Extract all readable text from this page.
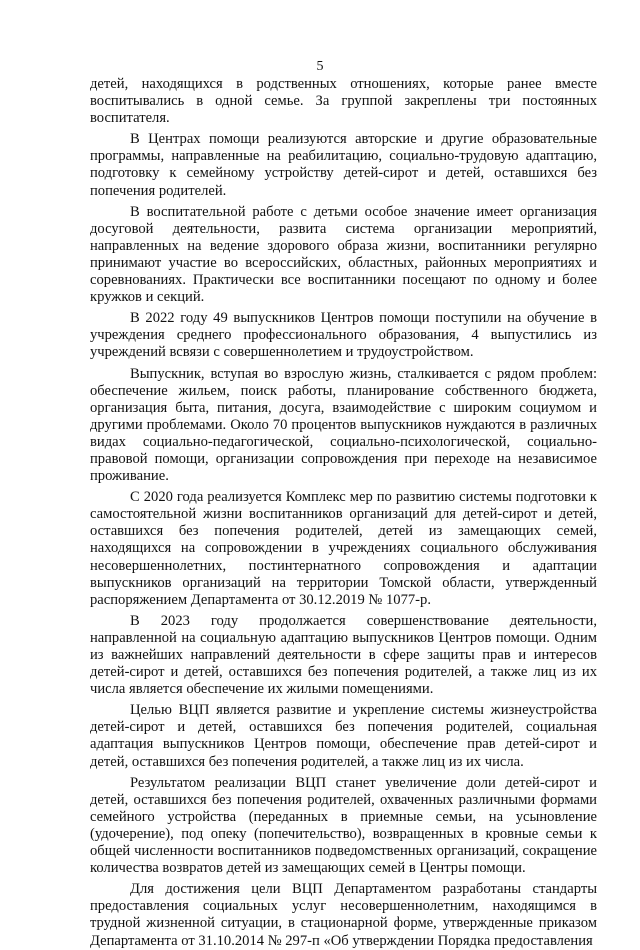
5

детей, находящихся в родственных отношениях, которые ранее вместе воспитывались в одной семье. За группой закреплены три постоянных воспитателя.

В Центрах помощи реализуются авторские и другие образовательные программы, направленные на реабилитацию, социально-трудовую адаптацию, подготовку к семейному устройству детей-сирот и детей, оставшихся без попечения родителей.

В воспитательной работе с детьми особое значение имеет организация досуговой деятельности, развита система организации мероприятий, направленных на ведение здорового образа жизни, воспитанники регулярно принимают участие во всероссийских, областных, районных мероприятиях и соревнованиях. Практически все воспитанники посещают по одному и более кружков и секций.

В 2022 году 49 выпускников Центров помощи поступили на обучение в учреждения среднего профессионального образования, 4 выпустились из учреждений всвязи с совершеннолетием и трудоустройством.

Выпускник, вступая во взрослую жизнь, сталкивается с рядом проблем: обеспечение жильем, поиск работы, планирование собственного бюджета, организация быта, питания, досуга, взаимодействие с широким социумом и другими проблемами. Около 70 процентов выпускников нуждаются в различных видах социально-педагогической, социально-психологической, социально-правовой помощи, организации сопровождения при переходе на независимое проживание.

С 2020 года реализуется Комплекс мер по развитию системы подготовки к самостоятельной жизни воспитанников организаций для детей-сирот и детей, оставшихся без попечения родителей, детей из замещающих семей, находящихся на сопровождении в учреждениях социального обслуживания несовершеннолетних, постинтернатного сопровождения и адаптации выпускников организаций на территории Томской области, утвержденный распоряжением Департамента от 30.12.2019 № 1077-р.

В 2023 году продолжается совершенствование деятельности, направленной на социальную адаптацию выпускников Центров помощи. Одним из важнейших направлений деятельности в сфере защиты прав и интересов детей-сирот и детей, оставшихся без попечения родителей, а также лиц из их числа является обеспечение их жилыми помещениями.

Целью ВЦП является развитие и укрепление системы жизнеустройства детей-сирот и детей, оставшихся без попечения родителей, социальная адаптация выпускников Центров помощи, обеспечение прав детей-сирот и детей, оставшихся без попечения родителей, а также лиц из их числа.

Результатом реализации ВЦП станет увеличение доли детей-сирот и детей, оставшихся без попечения родителей, охваченных различными формами семейного устройства (переданных в приемные семьи, на усыновление (удочерение), под опеку (попечительство), возвращенных в кровные семьи к общей численности воспитанников подведомственных организаций, сокращение количества возвратов детей из замещающих семей в Центры помощи.

Для достижения цели ВЦП Департаментом разработаны стандарты предоставления социальных услуг несовершеннолетним, находящимся в трудной жизненной ситуации, в стационарной форме, утвержденные приказом Департамента от 31.10.2014 № 297-п «Об утверждении Порядка предоставления
